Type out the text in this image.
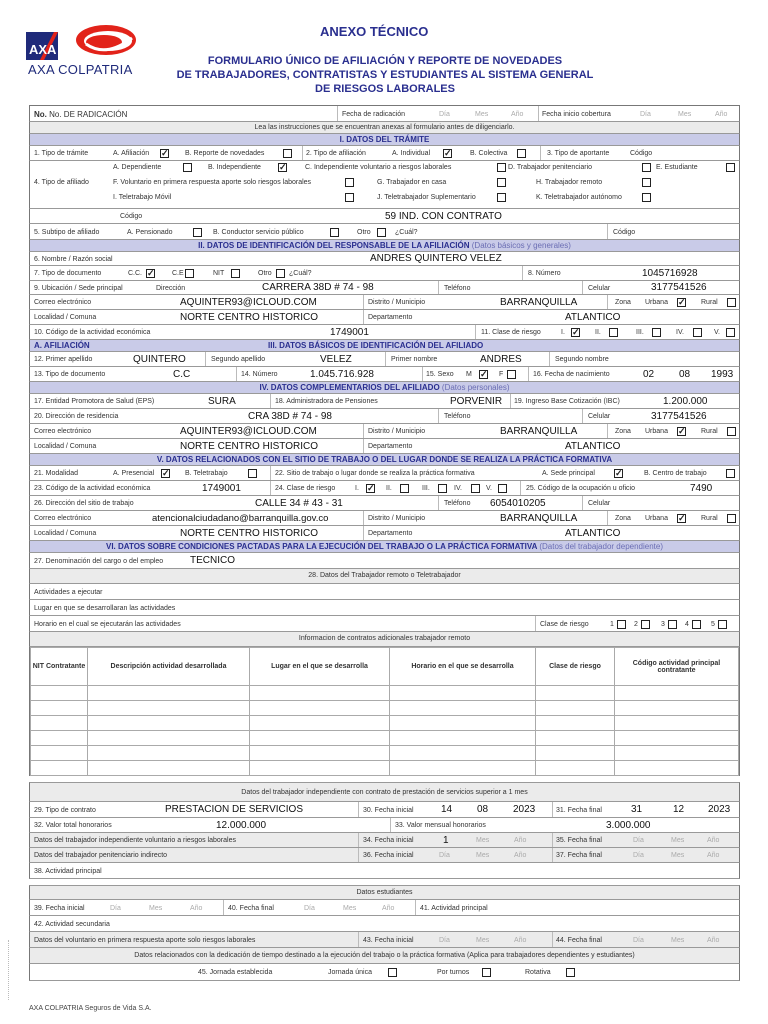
AXA
AXA COLPATRIA
ANEXO TÉCNICO
FORMULARIO ÚNICO DE AFILIACIÓN Y REPORTE DE NOVEDADES
DE TRABAJADORES, CONTRATISTAS Y ESTUDIANTES AL SISTEMA GENERAL
DE RIESGOS LABORALES
No. No. DE RADICACIÓN	Fecha de radicación	Día	Mes	Año	Fecha inicio cobertura	Día	Mes	Año
Lea las instrucciones que se encuentran anexas al formulario antes de diligenciarlo.
I. DATOS DEL TRÁMITE
1. Tipo de trámite	A. Afiliación ✓ B. Reporte de novedades	2. Tipo de afiliación	A. Individual ✓	B. Colectiva	3. Tipo de aportante	Código
4. Tipo de afiliado
A. Dependiente	B. Independiente ✓	C. Independiente voluntario a riesgos laborales	D. Trabajador penitenciario	E. Estudiante
F. Voluntario en primera respuesta aporte solo riesgos laborales	G. Trabajador en casa	H. Trabajador remoto
I. Teletrabajo Móvil	J. Teletrabajador Suplementario	K. Teletrabajador autónomo
Código	59 IND. CON CONTRATO
5. Subtipo de afiliado	A. Pensionado	B. Conductor servicio público	Otro	¿Cuál?	Código
II. DATOS DE IDENTIFICACIÓN DEL RESPONSABLE DE LA AFILIACIÓN (Datos básicos y generales)
6. Nombre / Razón social	ANDRES QUINTERO VELEZ
7. Tipo de documento	C.C. ✓ C.E	NIT	Otro ¿Cuál?	8. Número	1045716928
9. Ubicación / Sede principal	Dirección	CARRERA 38D # 74 - 98	Teléfono	Celular	3177541526
Correo electrónico	AQUINTER93@ICLOUD.COM	Distrito / Municipio	BARRANQUILLA	Zona Urbana ✓ Rural
Localidad / Comuna	NORTE CENTRO HISTORICO	Departamento	ATLANTICO
10. Código de la actividad económica	1749001	11. Clase de riesgo	I. ✓ II.	III.	IV.	V.
A. AFILIACIÓN	III. DATOS BÁSICOS DE IDENTIFICACIÓN DEL AFILIADO
12. Primer apellido	QUINTERO	Segundo apellido	VELEZ	Primer nombre	ANDRES	Segundo nombre
13. Tipo de documento	C.C	14. Número	1.045.716.928	15. Sexo M ✓ F	16. Fecha de nacimiento	02 08 1993
IV. DATOS COMPLEMENTARIOS DEL AFILIADO (Datos personales)
17. Entidad Promotora de Salud (EPS)	SURA	18. Administradora de Pensiones	PORVENIR 19. Ingreso Base Cotización (IBC)	1.200.000
20. Dirección de residencia	CRA 38D # 74 - 98	Teléfono	Celular	3177541526
Correo electrónico	AQUINTER93@ICLOUD.COM	Distrito / Municipio	BARRANQUILLA	Zona Urbana ✓ Rural
Localidad / Comuna	NORTE CENTRO HISTORICO	Departamento	ATLANTICO
V. DATOS RELACIONADOS CON EL SITIO DE TRABAJO O DEL LUGAR DONDE SE REALIZA LA PRÁCTICA FORMATIVA
21. Modalidad	A. Presencial ✓ B. Teletrabajo	22. Sitio de trabajo o lugar donde se realiza la práctica formativa	A. Sede principal ✓	B. Centro de trabajo
23. Código de la actividad económica	1749001	24. Clase de riesgo	I. ✓ II.	III.	IV.	V.	25. Código de la ocupación u oficio	7490
26. Dirección del sitio de trabajo	CALLE 34 # 43 - 31	Teléfono 6054010205	Celular
Correo electrónico	atencionalciudadano@barranquilla.gov.co	Distrito / Municipio	BARRANQUILLA	Zona Urbana ✓ Rural
Localidad / Comuna	NORTE CENTRO HISTORICO	Departamento	ATLANTICO
VI. DATOS SOBRE CONDICIONES PACTADAS PARA LA EJECUCIÓN DEL TRABAJO O LA PRÁCTICA FORMATIVA (Datos del trabajador dependiente)
27. Denominación del cargo o del empleo	TECNICO
28. Datos del Trabajador remoto o Teletrabajador
Actividades a ejecutar
Lugar en que se desarrollaran las actividades
Horario en el cual se ejecutarán las actividades	Clase de riesgo	1	2	3	4	5
Informacion de contratos adicionales trabajador remoto
NIT Contratante	Descripción actividad desarrollada	Lugar en el que se desarrolla	Horario en el que se desarrolla	Clase de riesgo	Código actividad principal contratante

Datos del trabajador independiente con contrato de prestación de servicios superior a 1 mes
29. Tipo de contrato	PRESTACION DE SERVICIOS	30. Fecha inicial	14 08 2023	31. Fecha final	31	12 2023
32. Valor total honorarios	12.000.000	33. Valor mensual honorarios	3.000.000
Datos del trabajador independiente voluntario a riesgos laborales	34. Fecha inicial	1	Mes	Año	35. Fecha final	Día	Mes	Año
Datos del trabajador penitenciario indirecto	36. Fecha inicial	Día	Mes	Año	37. Fecha final	Día	Mes	Año
38. Actividad principal
Datos estudiantes
39. Fecha inicial	Día	Mes	Año	40. Fecha final	Día	Mes	Año	41. Actividad principal
42. Actividad secundaria
Datos del voluntario en primera respuesta aporte solo riesgos laborales	43. Fecha inicial	Día	Mes	Año	44. Fecha final	Día	Mes	Año
Datos relacionados con la dedicación de tiempo destinado a la ejecución del trabajo o la práctica formativa (Aplica para trabajadores dependientes y estudiantes)
45. Jornada establecida	Jornada única	Por turnos	Rotativa
AXA COLPATRIA Seguros de Vida S.A.
